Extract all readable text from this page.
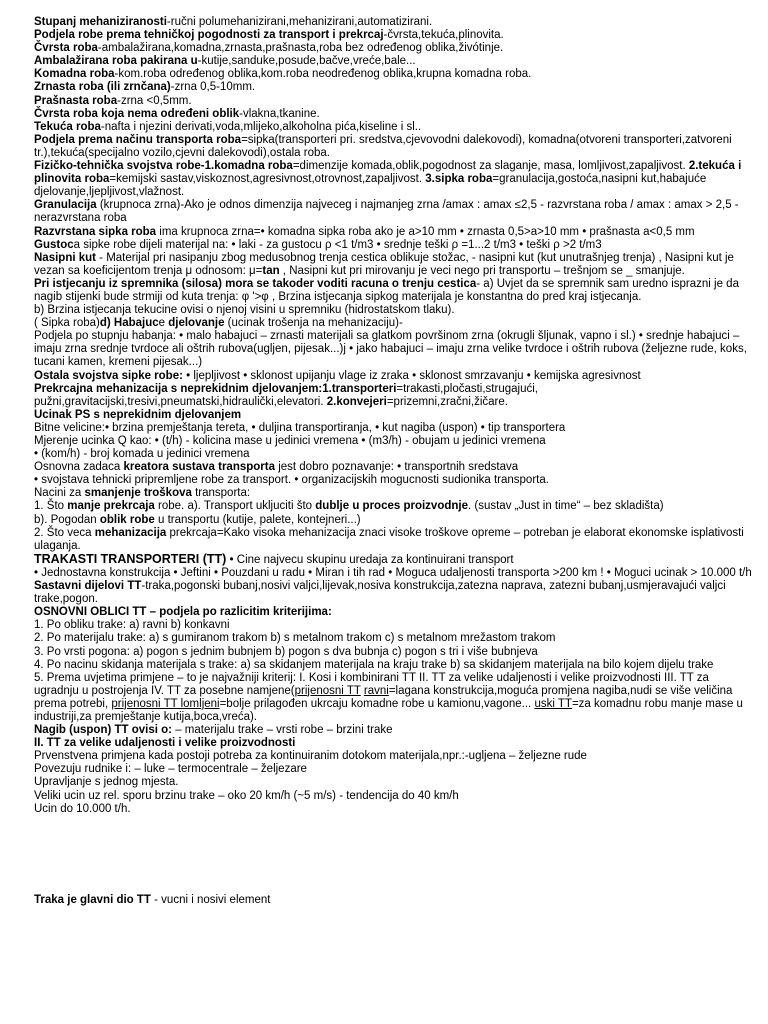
Stupanj mehaniziranosti-ručni polumehanizirani,mehanizirani,automatizirani.
Podjela robe prema tehničkoj pogodnosti za transport i prekrcaj-čvrsta,tekuća,plinovita.
Čvrsta roba-ambalažirana,komadna,zrnasta,prašnasta,roba bez određenog oblika,živótinje.
Ambalažirana roba pakirana u-kutije,sanduke,posude,bačve,vreće,bale...
Komadna roba-kom.roba određenog oblika,kom.roba neodređenog oblika,krupna komadna roba.
Zrnasta roba (ili zrnčana)-zrna 0,5-10mm.
Prašnasta roba-zrna <0,5mm.
Čvrsta roba koja nema određeni oblik-vlakna,tkanine.
Tekuća roba-nafta i njezini derivati,voda,mlijeko,alkoholna pića,kiseline i sl..
Podjela prema načinu transporta roba=sipka(transporteri pri. sredstva,cjevovodni dalekovodi), komadna(otvoreni transporteri,zatvoreni tr.),tekuća(specijalno vozilo,cjevni dalekovodi),ostala roba.
Fizičko-tehnička svojstva robe-1.komadna roba=dimenzije komada,oblik,pogodnost za slaganje, masa, lomljivost,zapaljivost. 2.tekuća i plinovita roba=kemijski sastav,viskoznost,agresivnost,otrovnost,zapaljivost. 3.sipka roba=granulacija,gostoća,nasipni kut,habajuće djelovanje,ljepljivost,vlažnost.
Granulacija (krupnoca zrna)-Ako je odnos dimenzija najveceg i najmanjeg zrna /amax : amax ≤2,5 - razvrstana roba / amax : amax > 2,5 - nerazvrstana roba
Razvrstana sipka roba ima krupnoca zrna=• komadna sipka roba ako je a>10 mm • zrnasta 0,5>a>10 mm • prašnasta a<0,5 mm
Gustoca sipke robe dijeli materijal na: • laki - za gustocu ρ <1 t/m3 • srednje teški ρ =1...2 t/m3 • teški ρ >2 t/m3
Nasipni kut - Materijal pri nasipanju zbog medusobnog trenja cestica oblikuje stožac, - nasipni kut (kut unutrašnjeg trenja) , Nasipni kut je vezan sa koeficijentom trenja μ odnosom: μ=tan , Nasipni kut pri mirovanju je veci nego pri transportu – trešnjom se _ smanjuje.
Pri istjecanju iz spremnika (silosa) mora se takoder voditi racuna o trenju cestica- a) Uvjet da se spremnik sam uredno isprazni je da nagib stijenki bude strmiji od kuta trenja: φ '>φ , Brzina istjecanja sipkog materijala je konstantna do pred kraj istjecanja.
b) Brzina istjecanja tekucine ovisi o njenoj visini u spremniku (hidrostatskom tlaku).
( Sipka roba)d) Habajuce djelovanje (ucinak trošenja na mehanizaciju)-
Podjela po stupnju habanja: • malo habajuci – zrnasti materijali sa glatkom površinom zrna (okrugli šljunak, vapno i sl.) • srednje habajuci – imaju zrna srednje tvrdoce ali oštrih rubova(ugljen, pijesak...)j • jako habajuci – imaju zrna velike tvrdoce i oštrih rubova (željezne rude, koks, tucani kamen, kremeni pijesak...)
Ostala svojstva sipke robe: • ljepljivost • sklonost upijanju vlage iz zraka • sklonost smrzavanju • kemijska agresivnost
Prekrcajna mehanizacija s neprekidnim djelovanjem:1.transporteri=trakasti,pločasti,strugajući, pužni,gravitacijski,tresivi,pneumatski,hidraulički,elevatori. 2.konvejeri=prizemni,zračni,žičare.
Ucinak PS s neprekidnim djelovanjem
Bitne velicine:• brzina premještanja tereta, • duljina transportiranja, • kut nagiba (uspon) • tip transportera
Mjerenje ucinka Q kao: • (t/h) - kolicina mase u jedinici vremena • (m3/h) - obujam u jedinici vremena
• (kom/h) - broj komada u jedinici vremena
Osnovna zadaca kreatora sustava transporta jest dobro poznavanje: • transportnih sredstava
• svojstava tehnicki pripremljene robe za transport. • organizacijskih mogucnosti sudionika transporta.
Nacini za smanjenje troškova transporta:
1. Što manje prekrcaja robe. a). Transport ukljuciti što dublje u proces proizvodnje. (sustav „Just in time“ – bez skladišta)
b). Pogodan oblik robe u transportu (kutije, palete, kontejneri...)
2. Što veca mehanizacija prekrcaja=Kako visoka mehanizacija znaci visoke troškove opreme – potreban je elaborat ekonomske isplativosti ulaganja.
TRAKASTI TRANSPORTERI (TT) • Cine najvecu skupinu uredaja za kontinuirani transport
• Jednostavna konstrukcija • Jeftini • Pouzdani u radu • Miran i tih rad • Moguca udaljenosti transporta >200 km ! • Moguci ucinak > 10.000 t/h
Sastavni dijelovi TT-traka,pogonski bubanj,nosivi valjci,lijevak,nosiva konstrukcija,zatezna naprava, zatezni bubanj,usmjeravajući valjci trake,pogon.
OSNOVNI OBLICI TT – podjela po razlicitim kriterijima:
1. Po obliku trake: a) ravni b) konkavni
2. Po materijalu trake: a) s gumiranom trakom b) s metalnom trakom c) s metalnom mrežastom trakom
3. Po vrsti pogona: a) pogon s jednim bubnjem b) pogon s dva bubnja c) pogon s tri i više bubnjeva
4. Po nacinu skidanja materijala s trake: a) sa skidanjem materijala na kraju trake b) sa skidanjem materijala na bilo kojem dijelu trake
5. Prema uvjetima primjene – to je najvažniji kriterij: I. Kosi i kombinirani TT II. TT za velike udaljenosti i velike proizvodnosti III. TT za ugradnju u postrojenja IV. TT za posebne namjene(prijenosni TT ravni=lagana konstrukcija,moguća promjena nagiba,nudi se više veličina prema potrebi, prijenosni TT lomljeni=bolje prilagođen ukrcaju komadne robe u kamionu,vagone... uski TT=za komadnu robu manje mase u industriji,za premještanje kutija,boca,vreća).
Nagib (uspon) TT ovisi o: – materijalu trake – vrsti robe – brzini trake
II. TT za velike udaljenosti i velike proizvodnosti
Prvenstvena primjena kada postoji potreba za kontinuiranim dotokom materijala,npr.:-ugljena – željezne rude
Povezuju rudnike i: – luke – termocentrale – željezare
Upravljanje s jednog mjesta.
Veliki ucin uz rel. sporu brzinu trake – oko 20 km/h (~5 m/s) - tendencija do 40 km/h
Ucin do 10.000 t/h.
Traka je glavni dio TT - vucni i nosivi element
